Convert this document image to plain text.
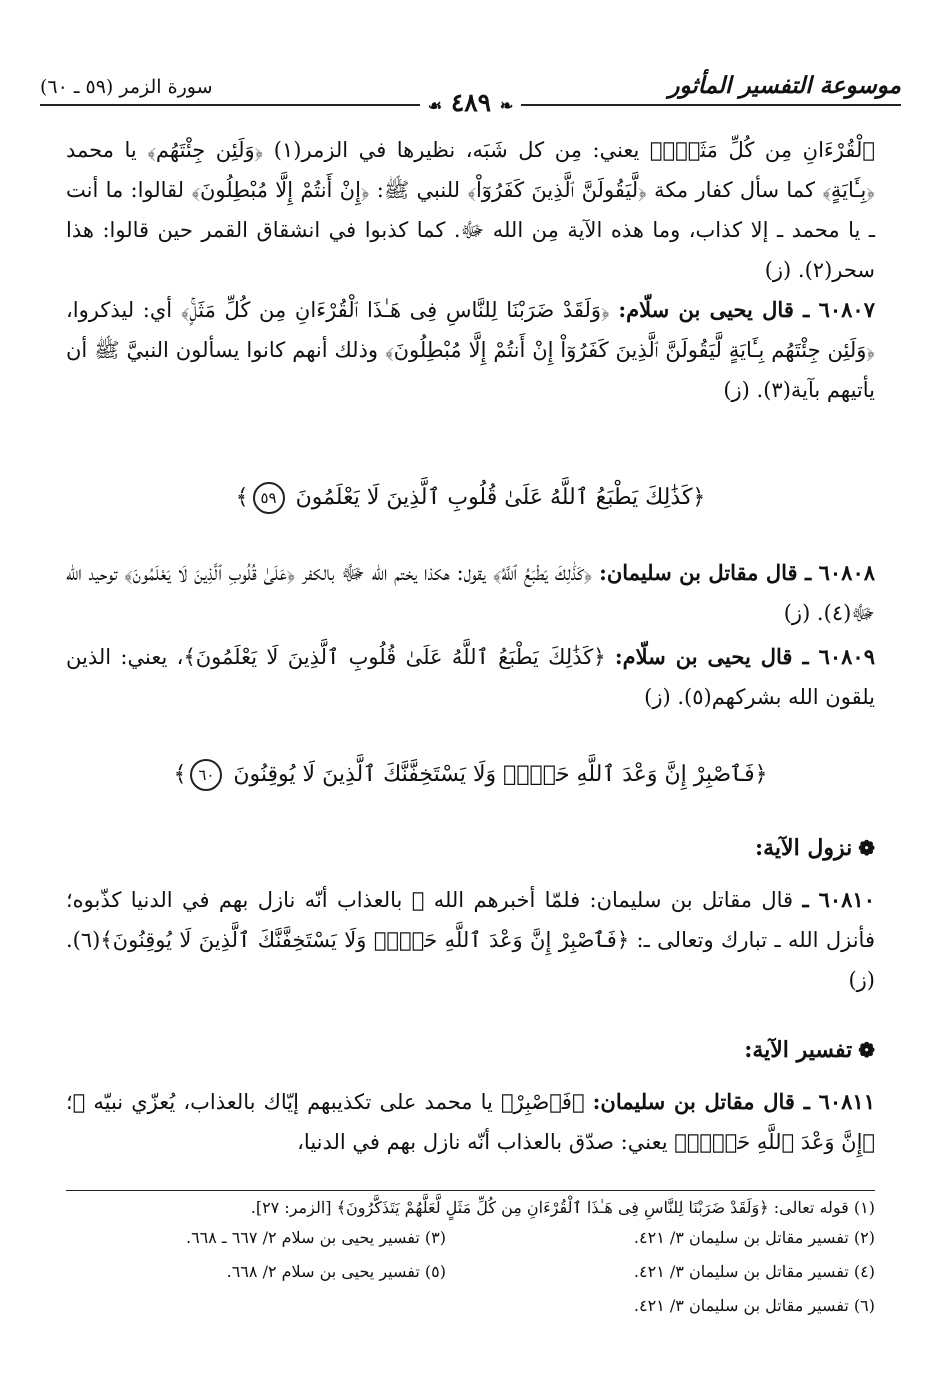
موسوعة التفسير المأثور
❧ ٤٨٩ ☙
سورة الزمر (٥٩ ـ ٦٠)
ٱلْقُرْءَانِ مِن كُلِّ مَثَلٍۚ﴾ يعني: مِن كل شَبَه، نظيرها في الزمر(١) ﴿وَلَئِن جِئْتَهُم﴾ يا محمد ﴿بِـَٔايَةٍ﴾ كما سأل كفار مكة ﴿لَّيَقُولَنَّ ٱلَّذِينَ كَفَرُوٓاْ﴾ للنبي ﷺ: ﴿إِنْ أَنتُمْ إِلَّا مُبْطِلُونَ﴾ لقالوا: ما أنت ـ يا محمد ـ إلا كذاب، وما هذه الآية مِن الله ﷻ. كما كذبوا في انشقاق القمر حين قالوا: هذا سحر(٢). (ز)
٦٠٨٠٧ ـ قال يحيى بن سلّام: ﴿وَلَقَدْ ضَرَبْنَا لِلنَّاسِ فِى هَـٰذَا ٱلْقُرْءَانِ مِن كُلِّ مَثَلٍۚ﴾ أي: ليذكروا، ﴿وَلَئِن جِئْتَهُم بِـَٔايَةٍ لَّيَقُولَنَّ ٱلَّذِينَ كَفَرُوٓاْ إِنْ أَنتُمْ إِلَّا مُبْطِلُونَ﴾ وذلك أنهم كانوا يسألون النبيَّ ﷺ أن يأتيهم بآية(٣). (ز)
﴿كَذَٰلِكَ يَطْبَعُ ٱللَّهُ عَلَىٰ قُلُوبِ ٱلَّذِينَ لَا يَعْلَمُونَ ٥٩﴾
٦٠٨٠٨ ـ قال مقاتل بن سليمان: ﴿كَذَٰلِكَ يَطْبَعُ ٱللَّهُ﴾ يقول: هكذا يختم الله ﷻ بالكفر ﴿عَلَىٰ قُلُوبِ ٱلَّذِينَ لَا يَعْلَمُونَ﴾ توحيد الله ﷻ(٤). (ز)
٦٠٨٠٩ ـ قال يحيى بن سلّام: ﴿كَذَٰلِكَ يَطْبَعُ ٱللَّهُ عَلَىٰ قُلُوبِ ٱلَّذِينَ لَا يَعْلَمُونَ﴾، يعني: الذين يلقون الله بشركهم(٥). (ز)
﴿فَٱصْبِرْ إِنَّ وَعْدَ ٱللَّهِ حَقٌّۖ وَلَا يَسْتَخِفَّنَّكَ ٱلَّذِينَ لَا يُوقِنُونَ ٦٠﴾
❁نزول الآية:
٦٠٨١٠ ـ قال مقاتل بن سليمان: فلمّا أخبرهم الله ﷻ بالعذاب أنّه نازل بهم في الدنيا كذّبوه؛ فأنزل الله ـ تبارك وتعالى ـ: ﴿فَٱصْبِرْ إِنَّ وَعْدَ ٱللَّهِ حَقٌّۖ وَلَا يَسْتَخِفَّنَّكَ ٱلَّذِينَ لَا يُوقِنُونَ﴾(٦). (ز)
❁تفسير الآية:
٦٠٨١١ ـ قال مقاتل بن سليمان: ﴿فَٱصْبِرْ﴾ يا محمد على تكذيبهم إيّاك بالعذاب، يُعزّي نبيّه ﷺ؛ ﴿إِنَّ وَعْدَ ٱللَّهِ حَقٌّۖ﴾ يعني: صدّق بالعذاب أنّه نازل بهم في الدنيا،
(١) قوله تعالى: ﴿وَلَقَدْ ضَرَبْنَا لِلنَّاسِ فِى هَـٰذَا ٱلْقُرْءَانِ مِن كُلِّ مَثَلٍ لَّعَلَّهُمْ يَتَذَكَّرُونَ﴾ [الزمر: ٢٧].
(٢) تفسير مقاتل بن سليمان ٣/ ٤٢١.
(٣) تفسير يحيى بن سلام ٢/ ٦٦٧ ـ ٦٦٨.
(٤) تفسير مقاتل بن سليمان ٣/ ٤٢١.
(٥) تفسير يحيى بن سلام ٢/ ٦٦٨.
(٦) تفسير مقاتل بن سليمان ٣/ ٤٢١.
